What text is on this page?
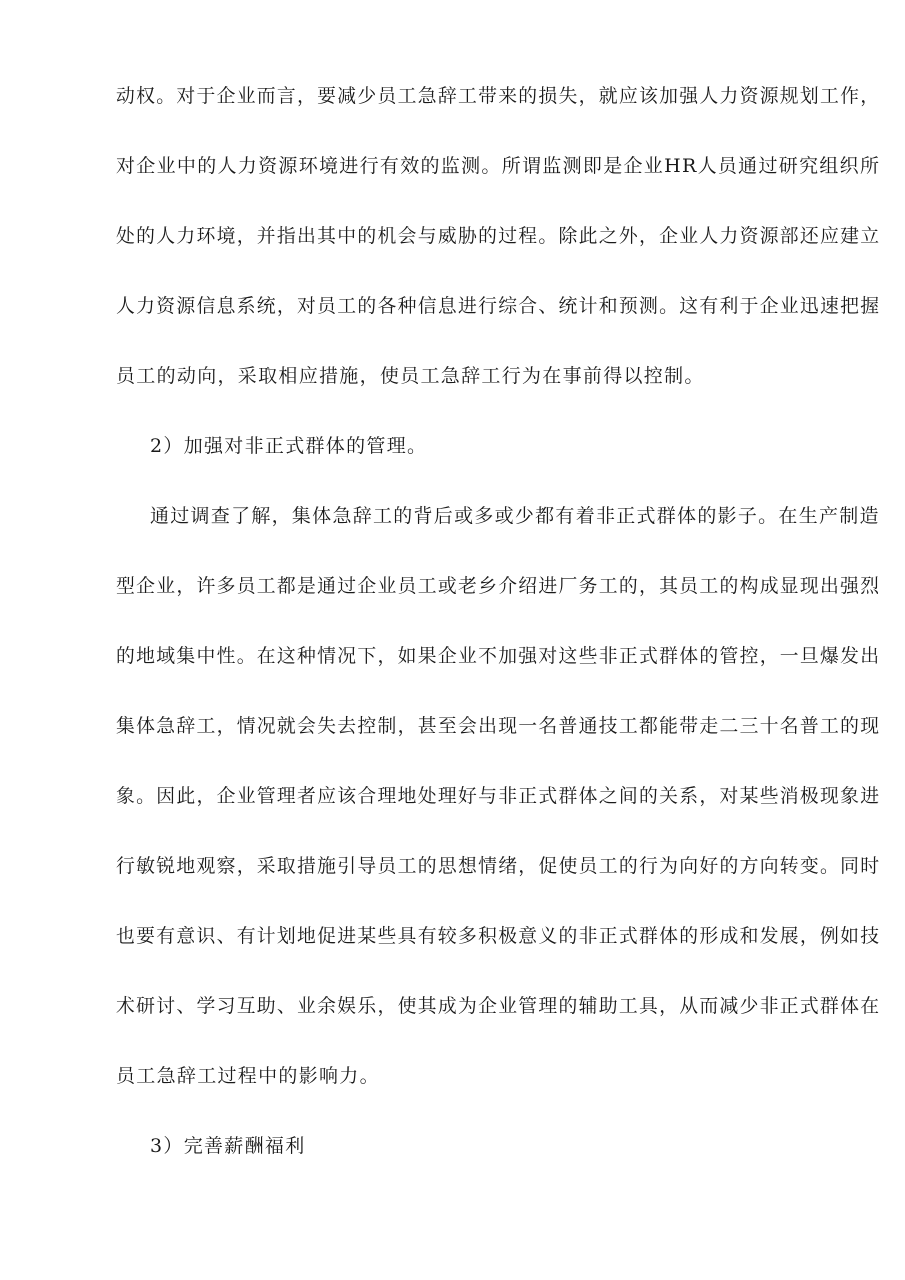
动权。对于企业而言，要减少员工急辞工带来的损失，就应该加强人力资源规划工作，
对企业中的人力资源环境进行有效的监测。所谓监测即是企业HR人员通过研究组织所
处的人力环境，并指出其中的机会与威胁的过程。除此之外，企业人力资源部还应建立
人力资源信息系统，对员工的各种信息进行综合、统计和预测。这有利于企业迅速把握
员工的动向，采取相应措施，使员工急辞工行为在事前得以控制。
2）加强对非正式群体的管理。
通过调查了解，集体急辞工的背后或多或少都有着非正式群体的影子。在生产制造
型企业，许多员工都是通过企业员工或老乡介绍进厂务工的，其员工的构成显现出强烈
的地域集中性。在这种情况下，如果企业不加强对这些非正式群体的管控，一旦爆发出
集体急辞工，情况就会失去控制，甚至会出现一名普通技工都能带走二三十名普工的现
象。因此，企业管理者应该合理地处理好与非正式群体之间的关系，对某些消极现象进
行敏锐地观察，采取措施引导员工的思想情绪，促使员工的行为向好的方向转变。同时
也要有意识、有计划地促进某些具有较多积极意义的非正式群体的形成和发展，例如技
术研讨、学习互助、业余娱乐，使其成为企业管理的辅助工具，从而减少非正式群体在
员工急辞工过程中的影响力。
3）完善薪酬福利
